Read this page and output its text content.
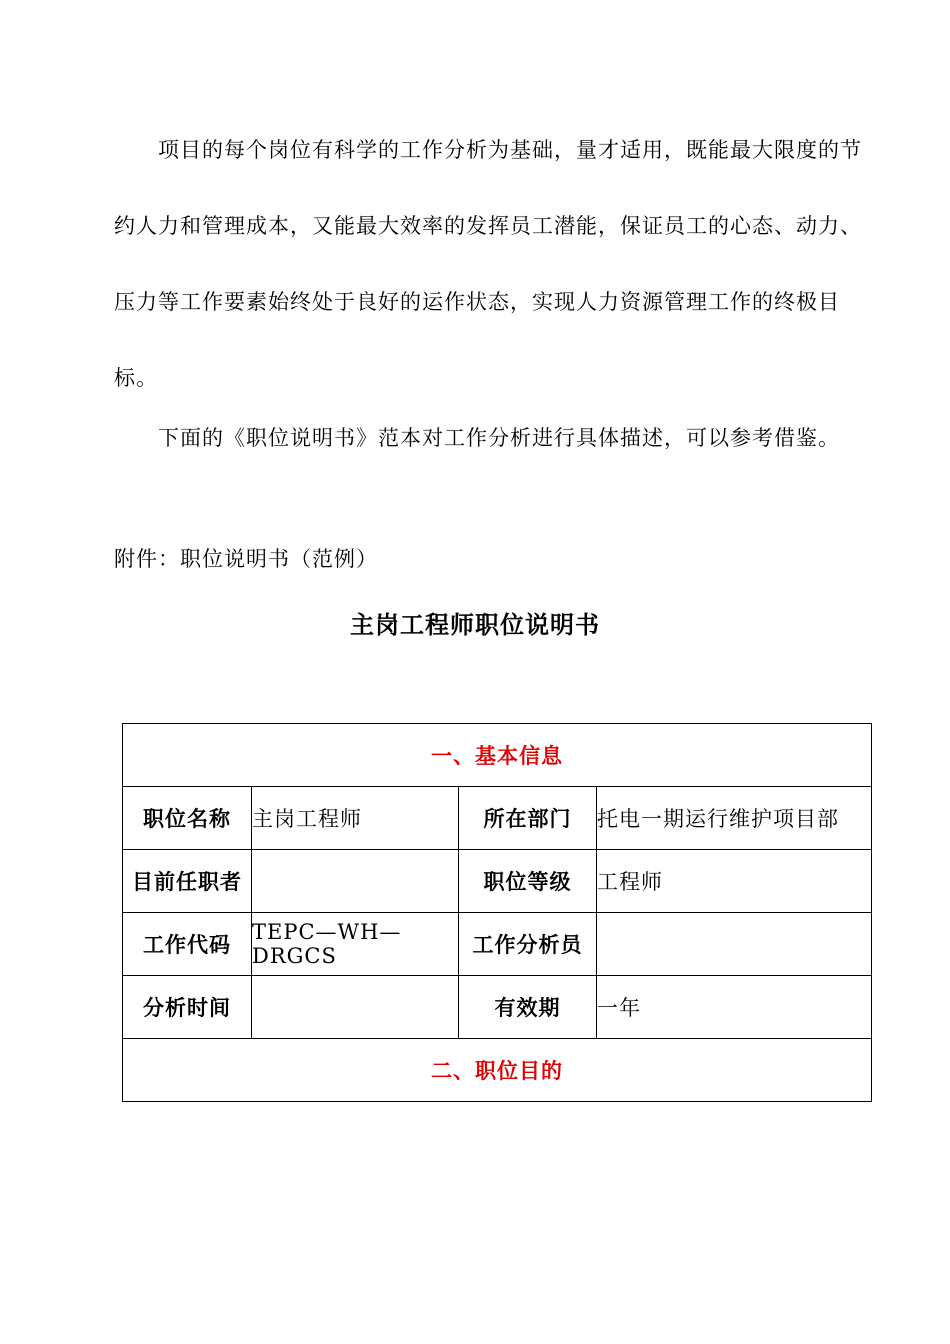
项目的每个岗位有科学的工作分析为基础，量才适用，既能最大限度的节约人力和管理成本，又能最大效率的发挥员工潜能，保证员工的心态、动力、压力等工作要素始终处于良好的运作状态，实现人力资源管理工作的终极目标。

下面的《职位说明书》范本对工作分析进行具体描述，可以参考借鉴。

附件：职位说明书（范例）

主岗工程师职位说明书
一、基本信息			
职位名称	主岗工程师	所在部门	托电一期运行维护项目部
目前任职者		职位等级	工程师
工作代码	TEPC—WH—DRGCS	工作分析员	
分析时间		有效期	一年
二、职位目的			
